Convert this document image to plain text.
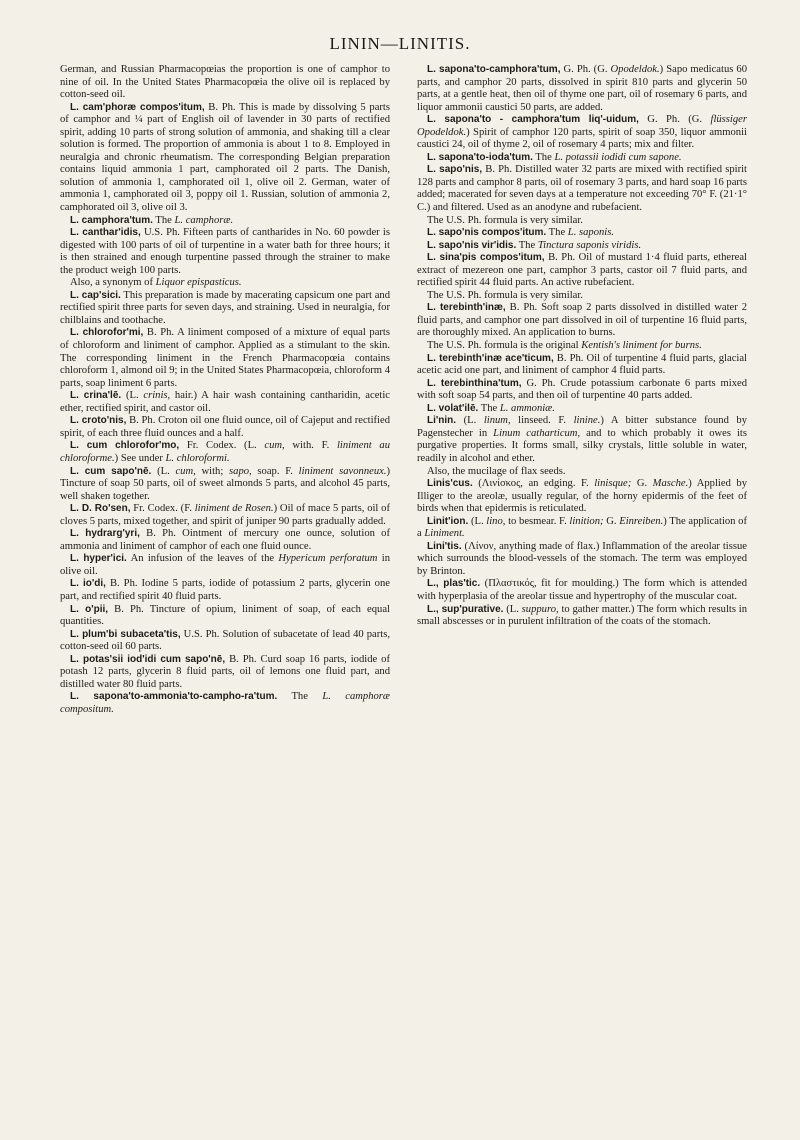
LININ—LINITIS.

German, and Russian Pharmacopœias the proportion is one of camphor to nine of oil. In the United States Pharmacopœia the olive oil is replaced by cotton-seed oil.

L. cam'phoræ compos'itum, B. Ph. This is made by dissolving 5 parts of camphor and ¼ part of English oil of lavender in 30 parts of rectified spirit, adding 10 parts of strong solution of ammonia, and shaking till a clear solution is formed. The proportion of ammonia is about 1 to 8. Employed in neuralgia and chronic rheumatism. The corresponding Belgian preparation contains liquid ammonia 1 part, camphorated oil 2 parts. The Danish, solution of ammonia 1, camphorated oil 1, olive oil 2. German, water of ammonia 1, camphorated oil 3, poppy oil 1. Russian, solution of ammonia 2, camphorated oil 3, olive oil 3.

L. camphora'tum. The L. camphoræ.

L. canthar'idis, U.S. Ph. Fifteen parts of cantharides in No. 60 powder is digested with 100 parts of oil of turpentine in a water bath for three hours; it is then strained and enough turpentine passed through the strainer to make the product weigh 100 parts.

Also, a synonym of Liquor epispasticus.

L. cap'sici. This preparation is made by macerating capsicum one part and rectified spirit three parts for seven days, and straining. Used in neuralgia, for chilblains and toothache.

L. chlorofor'mi, B. Ph. A liniment composed of a mixture of equal parts of chloroform and liniment of camphor. Applied as a stimulant to the skin. The corresponding liniment in the French Pharmacopœia contains chloroform 1, almond oil 9; in the United States Pharmacopœia, chloroform 4 parts, soap liniment 6 parts.

L. crina'lē. (L. crinis, hair.) A hair wash containing cantharidin, acetic ether, rectified spirit, and castor oil.

L. croto'nis, B. Ph. Croton oil one fluid ounce, oil of Cajeput and rectified spirit, of each three fluid ounces and a half.

L. cum chlorofor'mo, Fr. Codex. (L. cum, with. F. liniment au chloroforme.) See under L. chloroformi.

L. cum sapo'nē. (L. cum, with; sapo, soap. F. liniment savonneux.) Tincture of soap 50 parts, oil of sweet almonds 5 parts, and alcohol 45 parts, well shaken together.

L. D. Ro'sen, Fr. Codex. (F. liniment de Rosen.) Oil of mace 5 parts, oil of cloves 5 parts, mixed together, and spirit of juniper 90 parts gradually added.

L. hydrarg'yri, B. Ph. Ointment of mercury one ounce, solution of ammonia and liniment of camphor of each one fluid ounce.

L. hyper'ici. An infusion of the leaves of the Hypericum perforatum in olive oil.

L. io'di, B. Ph. Iodine 5 parts, iodide of potassium 2 parts, glycerin one part, and rectified spirit 40 fluid parts.

L. o'pii, B. Ph. Tincture of opium, liniment of soap, of each equal quantities.

L. plum'bi subaceta'tis, U.S. Ph. Solution of subacetate of lead 40 parts, cotton-seed oil 60 parts.

L. potas'sii iod'idi cum sapo'nē, B. Ph. Curd soap 16 parts, iodide of potash 12 parts, glycerin 8 fluid parts, oil of lemons one fluid part, and distilled water 80 fluid parts.

L. sapona'to-ammonia'to-campho-ra'tum. The L. camphoræ compositum.

L. sapona'to-camphora'tum, G. Ph. (G. Opodeldok.) Sapo medicatus 60 parts, and camphor 20 parts, dissolved in spirit 810 parts and glycerin 50 parts, at a gentle heat, then oil of thyme one part, oil of rosemary 6 parts, and liquor ammonii caustici 50 parts, are added.

L. sapona'to - camphora'tum liq'-uidum, G. Ph. (G. flüssiger Opodeldok.) Spirit of camphor 120 parts, spirit of soap 350, liquor ammonii caustici 24, oil of thyme 2, oil of rosemary 4 parts; mix and filter.

L. sapona'to-ioda'tum. The L. potassii iodidi cum sapone.

L. sapo'nis, B. Ph. Distilled water 32 parts are mixed with rectified spirit 128 parts and camphor 8 parts, oil of rosemary 3 parts, and hard soap 16 parts added; macerated for seven days at a temperature not exceeding 70° F. (21·1° C.) and filtered. Used as an anodyne and rubefacient.

The U.S. Ph. formula is very similar.

L. sapo'nis compos'itum. The L. saponis.

L. sapo'nis vir'idis. The Tinctura saponis viridis.

L. sina'pis compos'itum, B. Ph. Oil of mustard 1·4 fluid parts, ethereal extract of mezereon one part, camphor 3 parts, castor oil 7 fluid parts, and rectified spirit 44 fluid parts. An active rubefacient.

The U.S. Ph. formula is very similar.

L. terebinth'inæ, B. Ph. Soft soap 2 parts dissolved in distilled water 2 fluid parts, and camphor one part dissolved in oil of turpentine 16 fluid parts, are thoroughly mixed. An application to burns.

The U.S. Ph. formula is the original Kentish's liniment for burns.

L. terebinth'inæ ace'ticum, B. Ph. Oil of turpentine 4 fluid parts, glacial acetic acid one part, and liniment of camphor 4 fluid parts.

L. terebinthina'tum, G. Ph. Crude potassium carbonate 6 parts mixed with soft soap 54 parts, and then oil of turpentine 40 parts added.

L. volat'ilē. The L. ammoniæ.

Li'nin. (L. linum, linseed. F. linine.) A bitter substance found by Pagenstecher in Linum catharticum, and to which probably it owes its purgative properties. It forms small, silky crystals, little soluble in water, readily in alcohol and ether.

Also, the mucilage of flax seeds.

Linis'cus. (Λινίσκος, an edging. F. linisque; G. Masche.) Applied by Illiger to the areolæ, usually regular, of the horny epidermis of the feet of birds when that epidermis is reticulated.

Linit'ion. (L. lino, to besmear. F. linition; G. Einreiben.) The application of a Liniment.

Lini'tis. (Λίνον, anything made of flax.) Inflammation of the areolar tissue which surrounds the blood-vessels of the stomach. The term was employed by Brinton.

L., plas'tic. (Πλαστικός, fit for moulding.) The form which is attended with hyperplasia of the areolar tissue and hypertrophy of the muscular coat.

L., sup'purative. (L. suppuro, to gather matter.) The form which results in small abscesses or in purulent infiltration of the coats of the stomach.
